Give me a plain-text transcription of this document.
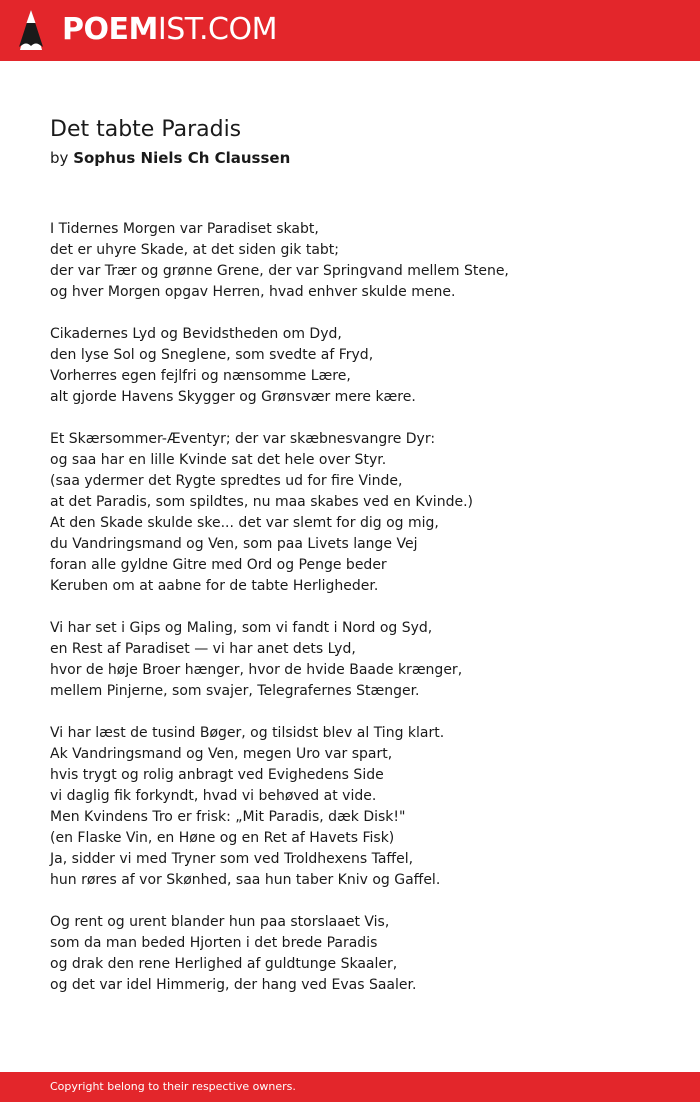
POEMIST.COM
Det tabte Paradis
by Sophus Niels Ch Claussen

I Tidernes Morgen var Paradiset skabt,
det er uhyre Skade, at det siden gik tabt;
der var Trær og grønne Grene, der var Springvand mellem Stene,
og hver Morgen opgav Herren, hvad enhver skulde mene.

Cikadernes Lyd og Bevidstheden om Dyd,
den lyse Sol og Sneglene, som svedte af Fryd,
Vorherres egen fejlfri og nænsomme Lære,
alt gjorde Havens Skygger og Grønsvær mere kære.

Et Skærsommer-Æventyr; der var skæbnesvangre Dyr:
og saa har en lille Kvinde sat det hele over Styr.
(saa ydermer det Rygte spredtes ud for fire Vinde,
at det Paradis, som spildtes, nu maa skabes ved en Kvinde.)
At den Skade skulde ske... det var slemt for dig og mig,
du Vandringsmand og Ven, som paa Livets lange Vej
foran alle gyldne Gitre med Ord og Penge beder
Keruben om at aabne for de tabte Herligheder.

Vi har set i Gips og Maling, som vi fandt i Nord og Syd,
en Rest af Paradiset — vi har anet dets Lyd,
hvor de høje Broer hænger, hvor de hvide Baade krænger,
mellem Pinjerne, som svajer, Telegrafernes Stænger.

Vi har læst de tusind Bøger, og tilsidst blev al Ting klart.
Ak Vandringsmand og Ven, megen Uro var spart,
hvis trygt og rolig anbragt ved Evighedens Side
vi daglig fik forkyndt, hvad vi behøved at vide.
Men Kvindens Tro er frisk: „Mit Paradis, dæk Disk!"
(en Flaske Vin, en Høne og en Ret af Havets Fisk)
Ja, sidder vi med Tryner som ved Troldhexens Taffel,
hun røres af vor Skønhed, saa hun taber Kniv og Gaffel.

Og rent og urent blander hun paa storslaaet Vis,
som da man beded Hjorten i det brede Paradis
og drak den rene Herlighed af guldtunge Skaaler,
og det var idel Himmerig, der hang ved Evas Saaler.

Copyright belong to their respective owners.
